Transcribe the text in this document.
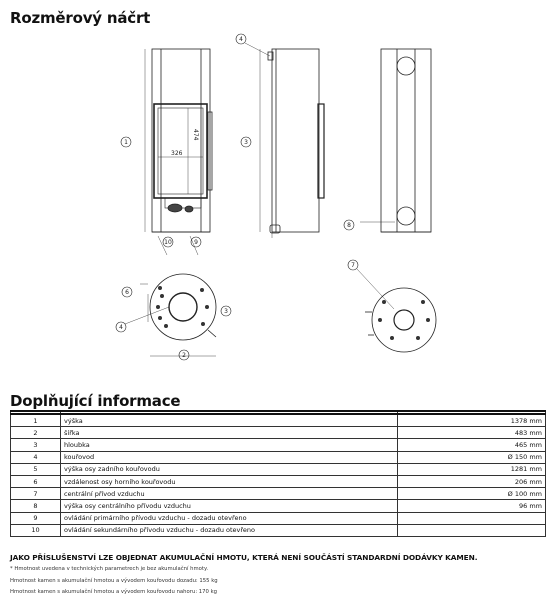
Rozměrový náčrt
1
2
3
3
4
4
8
6
7
10	9
326
474
Doplňující informace

1	výška	1378 mm
2	šířka	483 mm
3	hloubka	465 mm
4	kouřovod	Ø 150 mm
5	výška osy zadního kouřovodu	1281 mm
6	vzdálenost osy horního kouřovodu	206 mm
7	centrální přívod vzduchu	Ø 100 mm
8	výška osy centrálního přívodu vzduchu	96 mm
9	ovládání primárního přívodu vzduchu - dozadu otevřeno	
10	ovládání sekundárního přívodu vzduchu - dozadu otevřeno	
JAKO PŘÍSLUŠENSTVÍ LZE OBJEDNAT AKUMULAČNÍ HMOTU, KTERÁ NENÍ SOUČÁSTÍ STANDARDNÍ DODÁVKY KAMEN.
* Hmotnost uvedena v technických parametrech je bez akumulační hmoty.
Hmotnost kamen s akumulační hmotou a vývodem kouřovodu dozadu: 155 kg
Hmotnost kamen s akumulační hmotou a vývodem kouřovodu nahoru: 170 kg
